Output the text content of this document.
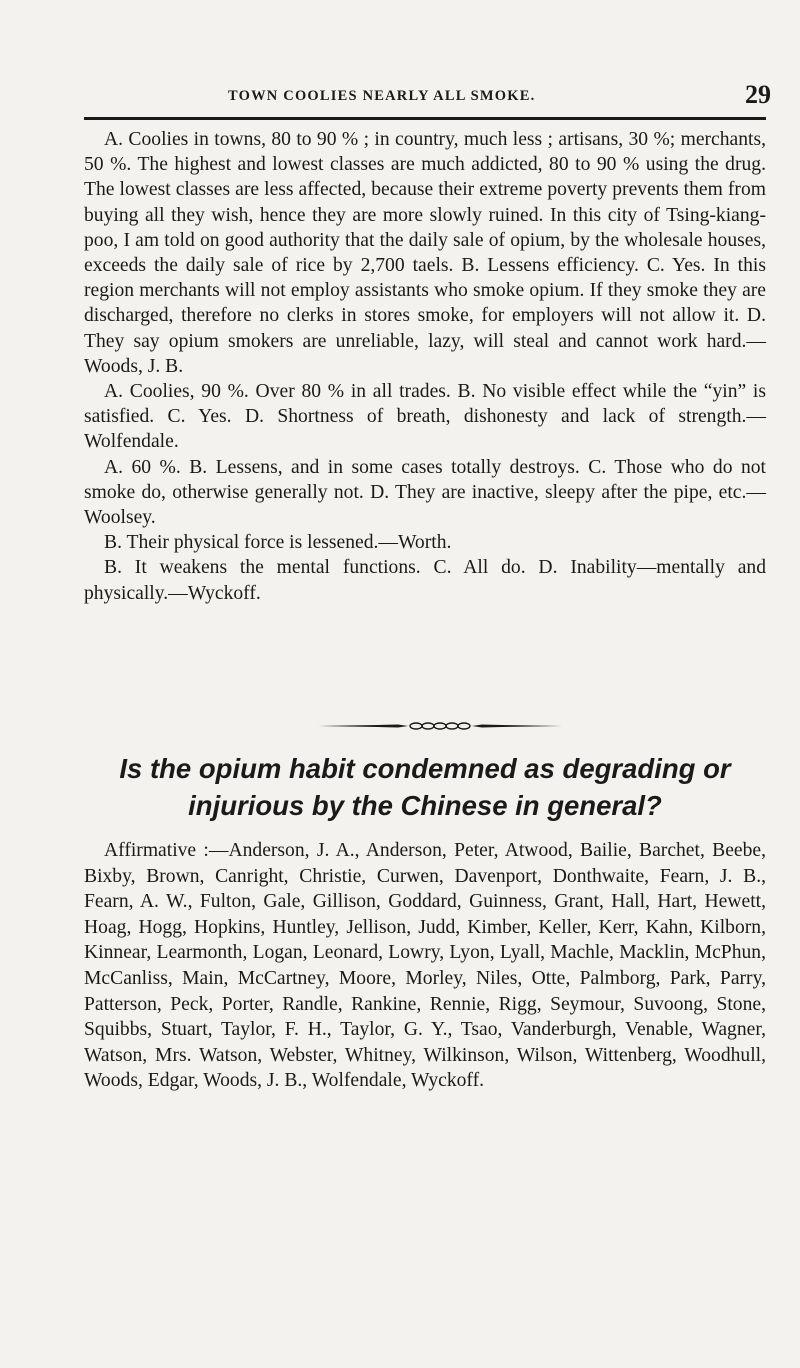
TOWN COOLIES NEARLY ALL SMOKE.	29

A. Coolies in towns, 80 to 90 % ; in country, much less ; artisans, 30 %; merchants, 50 %. The highest and lowest classes are much addicted, 80 to 90 % using the drug. The lowest classes are less affected, because their extreme poverty prevents them from buying all they wish, hence they are more slowly ruined. In this city of Tsing-kiang-poo, I am told on good authority that the daily sale of opium, by the wholesale houses, exceeds the daily sale of rice by 2,700 taels. B. Lessens efficiency. C. Yes. In this region merchants will not employ assistants who smoke opium. If they smoke they are discharged, therefore no clerks in stores smoke, for employers will not allow it. D. They say opium smokers are unreliable, lazy, will steal and cannot work hard.—Woods, J. B.

A. Coolies, 90 %. Over 80 % in all trades. B. No visible effect while the “yin” is satisfied. C. Yes. D. Shortness of breath, dishonesty and lack of strength.—Wolfendale.

A. 60 %. B. Lessens, and in some cases totally destroys. C. Those who do not smoke do, otherwise generally not. D. They are inactive, sleepy after the pipe, etc.—Woolsey.

B. Their physical force is lessened.—Worth.

B. It weakens the mental functions. C. All do. D. Inability—mentally and physically.—Wyckoff.

Is the opium habit condemned as degrading or injurious by the Chinese in general?

Affirmative :—Anderson, J. A., Anderson, Peter, Atwood, Bailie, Barchet, Beebe, Bixby, Brown, Canright, Christie, Curwen, Davenport, Donthwaite, Fearn, J. B., Fearn, A. W., Fulton, Gale, Gillison, Goddard, Guinness, Grant, Hall, Hart, Hewett, Hoag, Hogg, Hopkins, Huntley, Jellison, Judd, Kimber, Keller, Kerr, Kahn, Kilborn, Kinnear, Learmonth, Logan, Leonard, Lowry, Lyon, Lyall, Machle, Macklin, McPhun, McCanliss, Main, McCartney, Moore, Morley, Niles, Otte, Palmborg, Park, Parry, Patterson, Peck, Porter, Randle, Rankine, Rennie, Rigg, Seymour, Suvoong, Stone, Squibbs, Stuart, Taylor, F. H., Taylor, G. Y., Tsao, Vanderburgh, Venable, Wagner, Watson, Mrs. Watson, Webster, Whitney, Wilkinson, Wilson, Wittenberg, Woodhull, Woods, Edgar, Woods, J. B., Wolfendale, Wyckoff.
